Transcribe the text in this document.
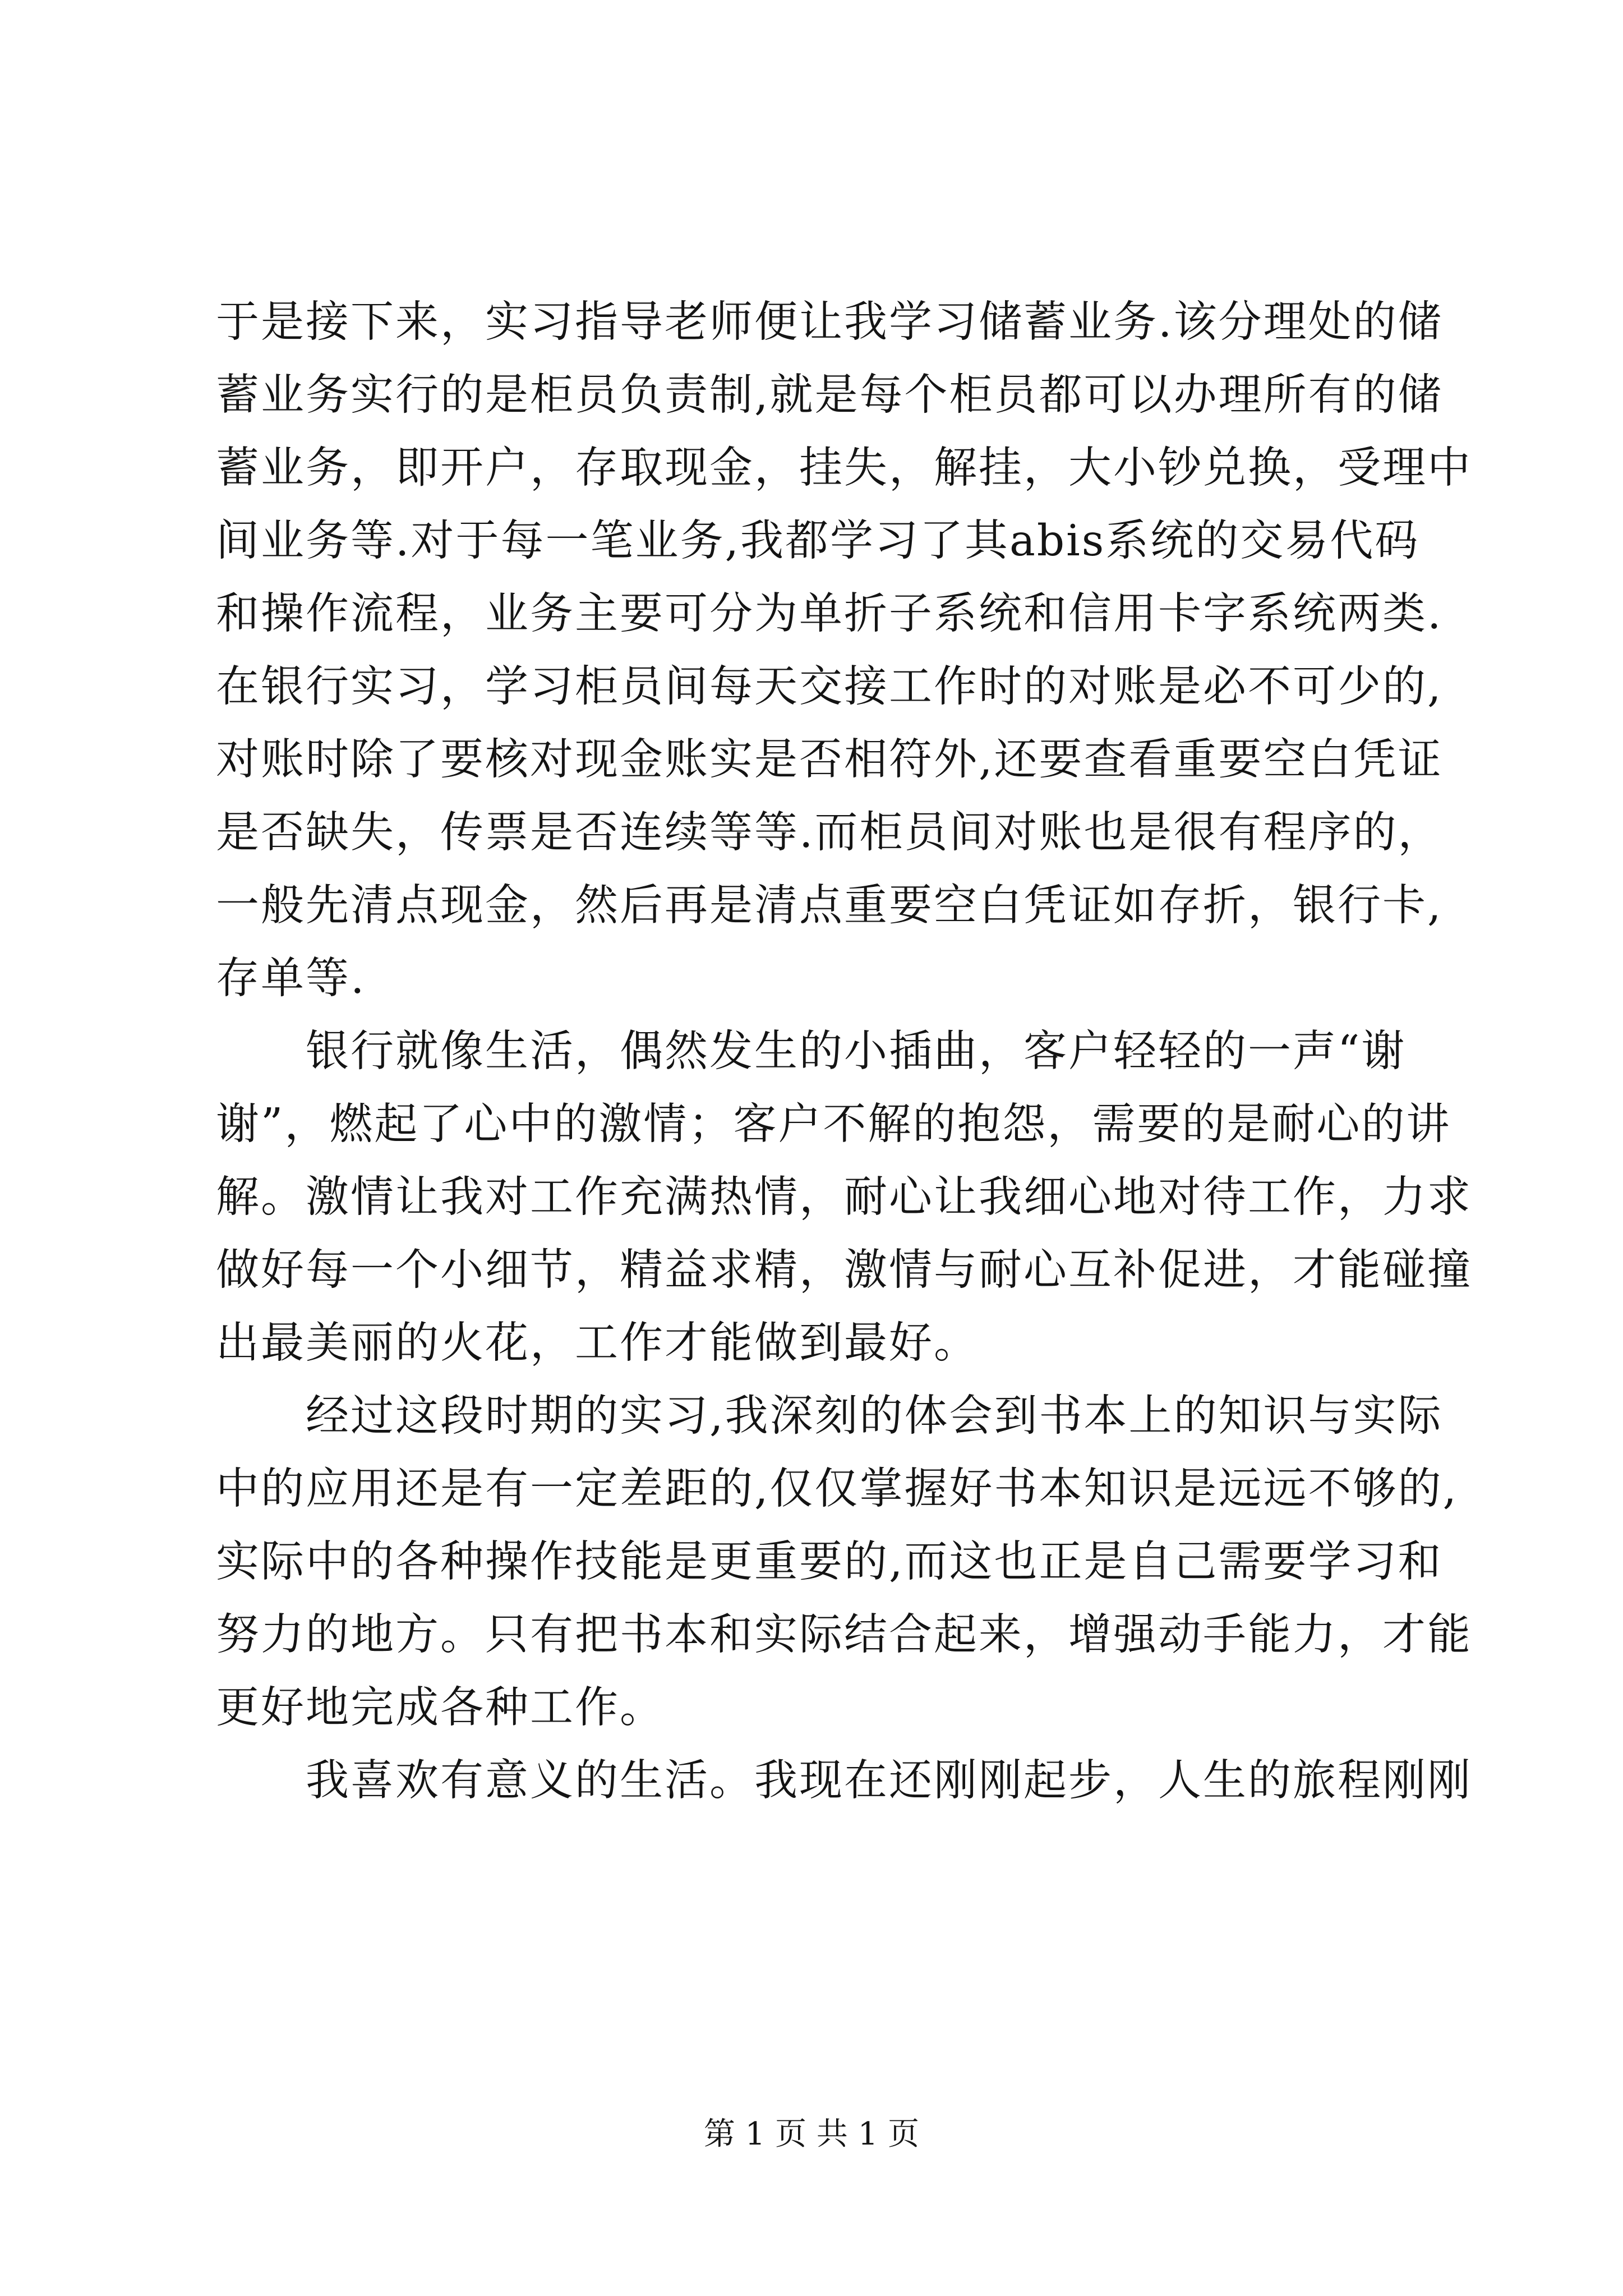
于是接下来，实习指导老师便让我学习储蓄业务.该分理处的储
蓄业务实行的是柜员负责制,就是每个柜员都可以办理所有的储
蓄业务，即开户，存取现金，挂失，解挂，大小钞兑换，受理中
间业务等.对于每一笔业务,我都学习了其abis系统的交易代码
和操作流程，业务主要可分为单折子系统和信用卡字系统两类.
在银行实习，学习柜员间每天交接工作时的对账是必不可少的,
对账时除了要核对现金账实是否相符外,还要查看重要空白凭证
是否缺失，传票是否连续等等.而柜员间对账也是很有程序的，
一般先清点现金，然后再是清点重要空白凭证如存折，银行卡,
存单等.
　　银行就像生活，偶然发生的小插曲，客户轻轻的一声“谢
谢”，燃起了心中的激情；客户不解的抱怨，需要的是耐心的讲
解。激情让我对工作充满热情，耐心让我细心地对待工作，力求
做好每一个小细节，精益求精，激情与耐心互补促进，才能碰撞
出最美丽的火花，工作才能做到最好。
　　经过这段时期的实习,我深刻的体会到书本上的知识与实际
中的应用还是有一定差距的,仅仅掌握好书本知识是远远不够的,
实际中的各种操作技能是更重要的,而这也正是自己需要学习和
努力的地方。只有把书本和实际结合起来，增强动手能力，才能
更好地完成各种工作。
　　我喜欢有意义的生活。我现在还刚刚起步，人生的旅程刚刚
第 1 页 共 1 页
